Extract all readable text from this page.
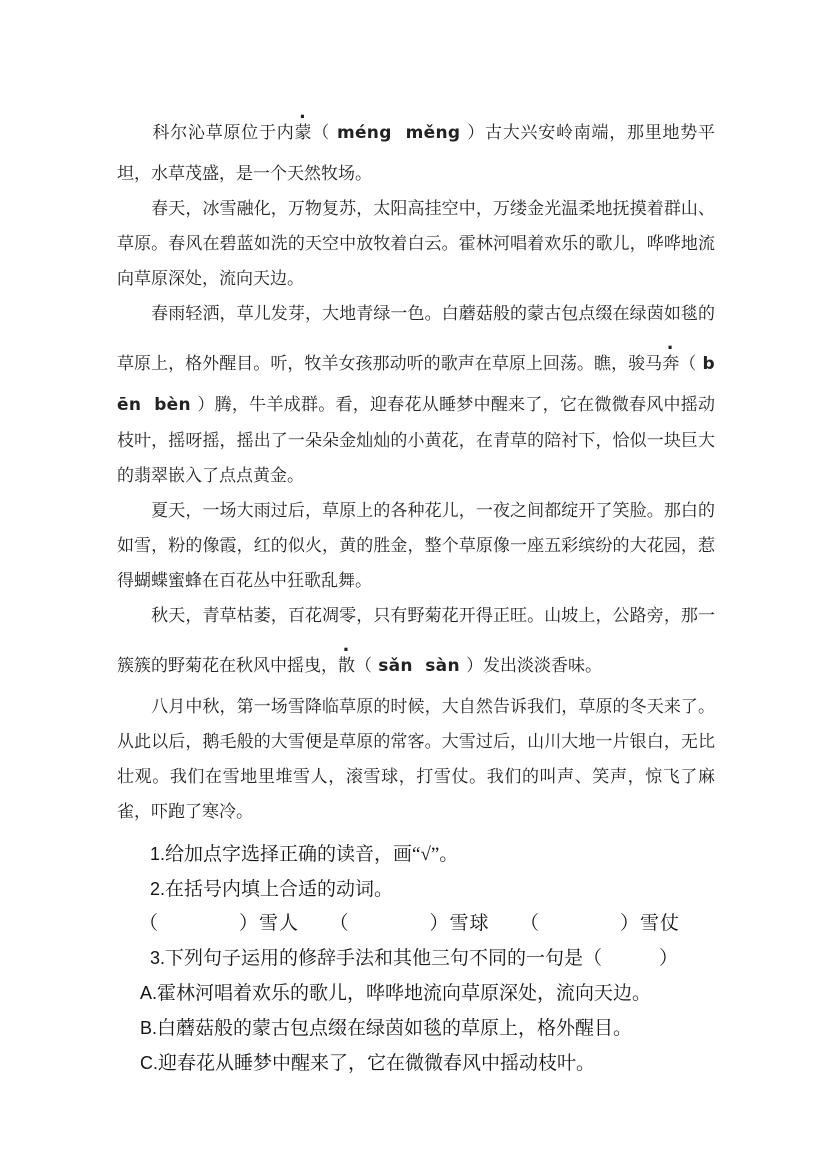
　　科尔沁草原位于内· 蒙（ méng  měng ）古大兴安岭南端，那里地势平坦，水草茂盛，是一个天然牧场。

　　春天，冰雪融化，万物复苏，太阳高挂空中，万缕金光温柔地抚摸着群山、草原。春风在碧蓝如洗的天空中放牧着白云。霍林河唱着欢乐的歌儿，哗哗地流向草原深处，流向天边。

　　春雨轻洒，草儿发芽，大地青绿一色。白蘑菇般的蒙古包点缀在绿茵如毯的草原上，格外醒目。听，牧羊女孩那动听的歌声在草原上回荡。瞧，骏马· 奔（ bēn  bèn ）腾，牛羊成群。看，迎春花从睡梦中醒来了，它在微微春风中摇动枝叶，摇呀摇，摇出了一朵朵金灿灿的小黄花，在青草的陪衬下，恰似一块巨大的翡翠嵌入了点点黄金。

　　夏天，一场大雨过后，草原上的各种花儿，一夜之间都绽开了笑脸。那白的如雪，粉的像霞，红的似火，黄的胜金，整个草原像一座五彩缤纷的大花园，惹得蝴蝶蜜蜂在百花丛中狂歌乱舞。

　　秋天，青草枯萎，百花凋零，只有野菊花开得正旺。山坡上，公路旁，那一簇簇的野菊花在秋风中摇曳，· 散（ sǎn  sàn ）发出淡淡香味。

　　八月中秋，第一场雪降临草原的时候，大自然告诉我们，草原的冬天来了。从此以后，鹅毛般的大雪便是草原的常客。大雪过后，山川大地一片银白，无比壮观。我们在雪地里堆雪人，滚雪球，打雪仗。我们的叫声、笑声，惊飞了麻雀，吓跑了寒冷。

1.给加点字选择正确的读音，画“√”。
2.在括号内填上合适的动词。
（　　　　）雪人　　（　　　　）雪球　　（　　　　）雪仗
3.下列句子运用的修辞手法和其他三句不同的一句是（　　　）
A.霍林河唱着欢乐的歌儿，哗哗地流向草原深处，流向天边。
B.白蘑菇般的蒙古包点缀在绿茵如毯的草原上，格外醒目。
C.迎春花从睡梦中醒来了，它在微微春风中摇动枝叶。
